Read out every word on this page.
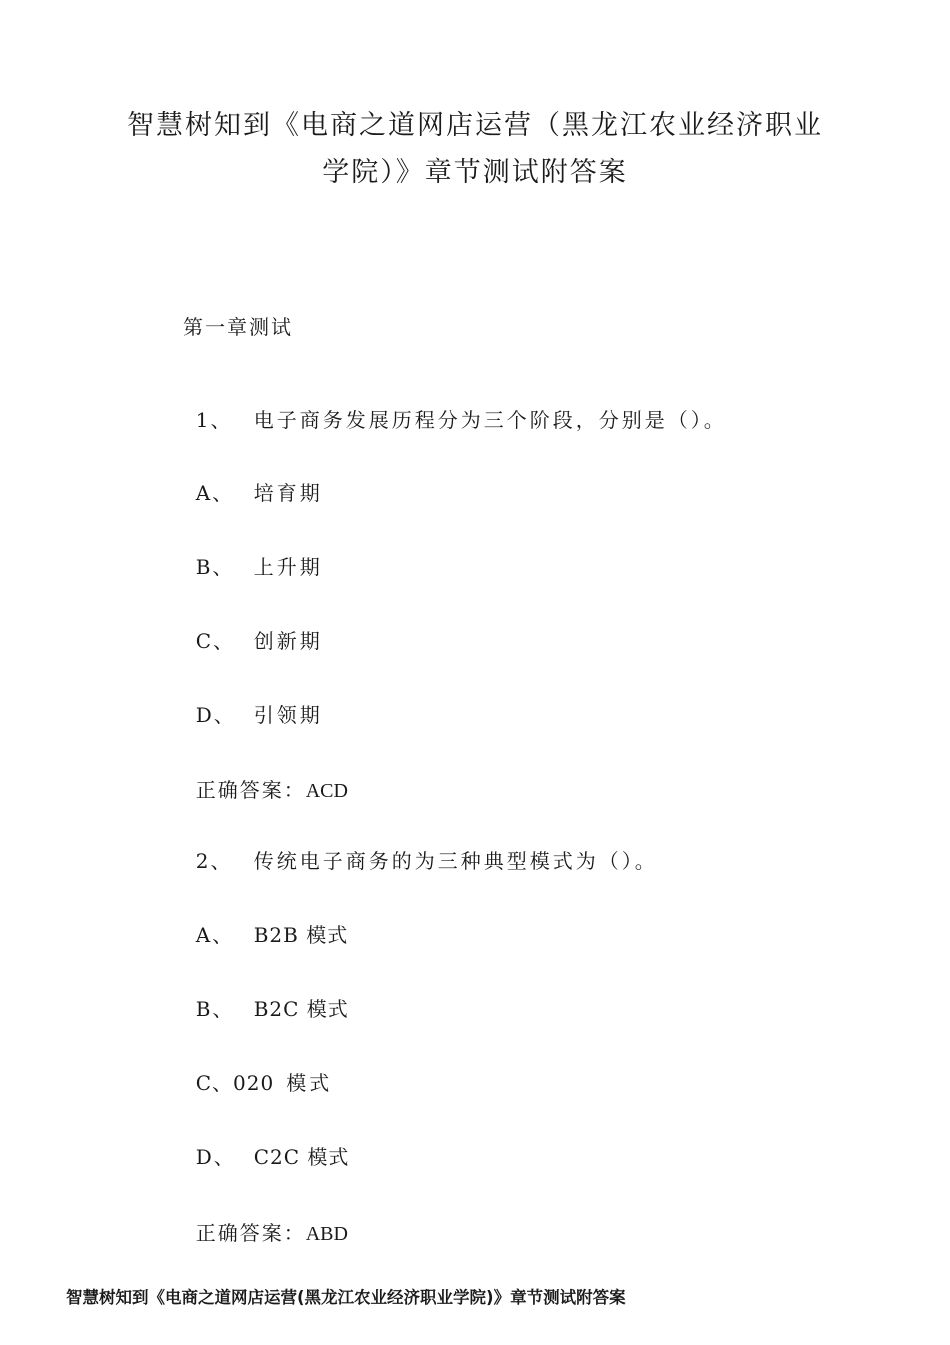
智慧树知到《电商之道网店运营（黑龙江农业经济职业
学院）》章节测试附答案
第一章测试

1、 电子商务发展历程分为三个阶段，分别是（）。

A、 培育期

B、 上升期

C、 创新期

D、 引领期

正确答案：ACD

2、 传统电子商务的为三种典型模式为（）。

A、 B2B 模式

B、 B2C 模式

C、020 模式

D、 C2C 模式

正确答案：ABD

智慧树知到《电商之道网店运营(黑龙江农业经济职业学院)》章节测试附答案
